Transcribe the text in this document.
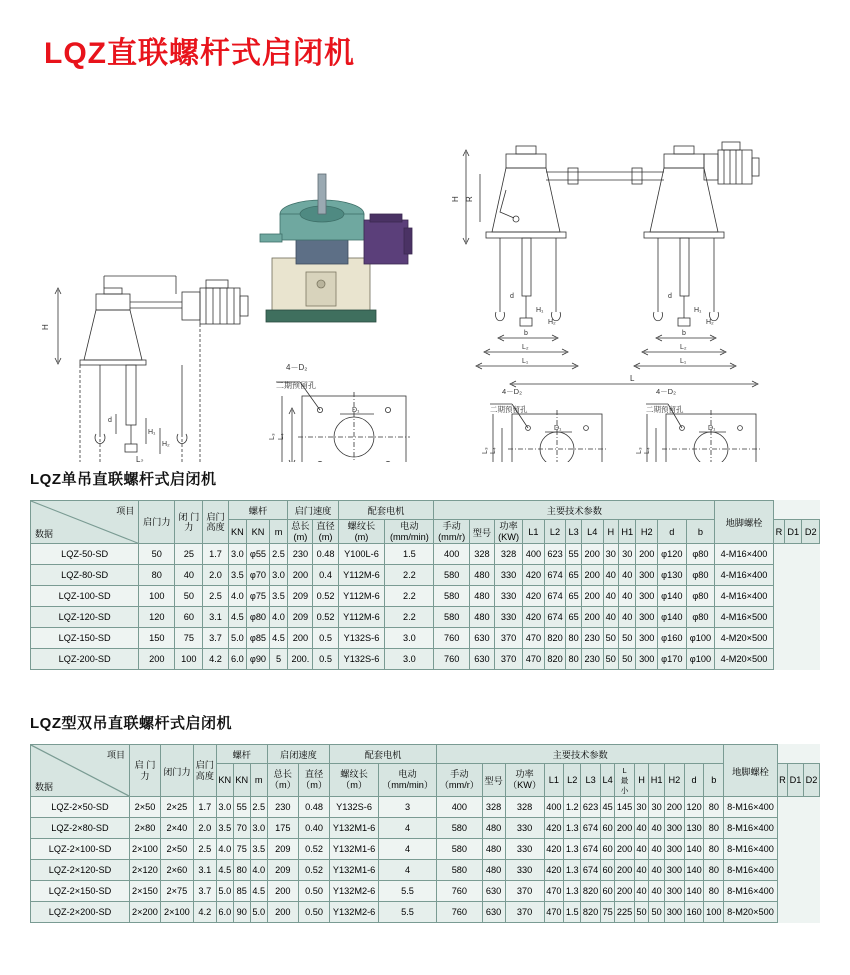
LQZ直联螺杆式启闭机
H
d
H₁
H₂
L₂
L₄
L₃
D₁
4－D₂
二期预留孔
H R
d
H₁
H₂
b
L₂
L₁
d
H₁
H₂
b
L₂
L₁
L₄
L₃
D₁
4－D₂
二期预留孔
L₄
L₃
D₁
4－D₂
二期预留孔
L
LQZ单吊直联螺杆式启闭机
项目
数据	启门力	闭 门
力	启门
高度	螺杆			启门速度		配套电机		主要技术参数												地脚螺栓			
				KN	KN	m	总长
(m)	直径
(m)	螺纹长
(m)	电动
(mm/min)	手动
(mm/r)	型号	功率
(KW)	L1	L2	L3	L4	H	H1	H2	d	b		R	D1	D2
LQZ-50-SD	50	25	1.7	3.0	φ55	2.5	230	0.48	Y100L-6	1.5	400	328	328	400	623	55	200	30	30	200	φ120	φ80	4-M16×400			
LQZ-80-SD	80	40	2.0	3.5	φ70	3.0	200	0.4	Y112M-6	2.2	580	480	330	420	674	65	200	40	40	300	φ130	φ80	4-M16×400			
LQZ-100-SD	100	50	2.5	4.0	φ75	3.5	209	0.52	Y112M-6	2.2	580	480	330	420	674	65	200	40	40	300	φ140	φ80	4-M16×400			
LQZ-120-SD	120	60	3.1	4.5	φ80	4.0	209	0.52	Y112M-6	2.2	580	480	330	420	674	65	200	40	40	300	φ140	φ80	4-M16×500			
LQZ-150-SD	150	75	3.7	5.0	φ85	4.5	200	0.5	Y132S-6	3.0	760	630	370	470	820	80	230	50	50	300	φ160	φ100	4-M20×500			
LQZ-200-SD	200	100	4.2	6.0	φ90	5	200.	0.5	Y132S-6	3.0	760	630	370	470	820	80	230	50	50	300	φ170	φ100	4-M20×500			
LQZ型双吊直联螺杆式启闭机
项目
数据	启 门
力	闭门力	启门
高度	螺杆			启闭速度		配套电机		主要技术参数													地脚螺栓			
				KN	KN	m	总长
（m）	直径
（m）	螺纹长
（m）	电动
（mm/min）	手动
（mm/r）	型号	功率
（KW）	L1	L2	L3	L4	L
最
小	H	H1	H2	d	b		R	D1	D2
LQZ-2×50-SD	2×50	2×25	1.7	3.0	55	2.5	230	0.48	Y132S-6	3	400	328	328	400	1.2	623	45	145	30	30	200	120	80	8-M16×400			
LQZ-2×80-SD	2×80	2×40	2.0	3.5	70	3.0	175	0.40	Y132M1-6	4	580	480	330	420	1.3	674	60	200	40	40	300	130	80	8-M16×400			
LQZ-2×100-SD	2×100	2×50	2.5	4.0	75	3.5	209	0.52	Y132M1-6	4	580	480	330	420	1.3	674	60	200	40	40	300	140	80	8-M16×400			
LQZ-2×120-SD	2×120	2×60	3.1	4.5	80	4.0	209	0.52	Y132M1-6	4	580	480	330	420	1.3	674	60	200	40	40	300	140	80	8-M16×400			
LQZ-2×150-SD	2×150	2×75	3.7	5.0	85	4.5	200	0.50	Y132M2-6	5.5	760	630	370	470	1.3	820	60	200	40	40	300	140	80	8-M16×400			
LQZ-2×200-SD	2×200	2×100	4.2	6.0	90	5.0	200	0.50	Y132M2-6	5.5	760	630	370	470	1.5	820	75	225	50	50	300	160	100	8-M20×500			
